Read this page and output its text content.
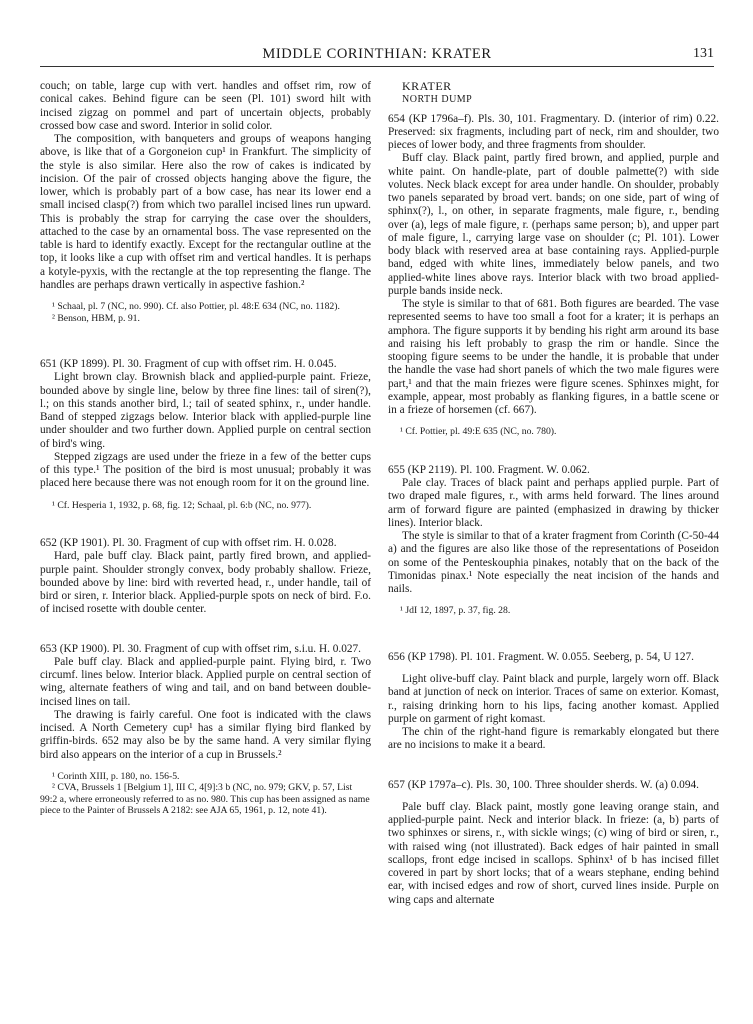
MIDDLE CORINTHIAN: KRATER	131

couch; on table, large cup with vert. handles and offset rim, row of conical cakes. Behind figure can be seen (Pl. 101) sword hilt with incised zigzag on pommel and part of uncertain objects, probably crossed bow case and sword. Interior in solid color.

The composition, with banqueters and groups of weapons hanging above, is like that of a Gorgoneion cup¹ in Frankfurt. The simplicity of the style is also similar. Here also the row of cakes is indicated by incision. Of the pair of crossed objects hanging above the figure, the lower, which is probably part of a bow case, has near its lower end a small incised clasp(?) from which two parallel incised lines run upward. This is probably the strap for carrying the case over the shoulders, attached to the case by an ornamental boss. The vase represented on the table is hard to identify exactly. Except for the rectangular outline at the top, it looks like a cup with offset rim and vertical handles. It is perhaps a kotyle-pyxis, with the rectangle at the top representing the flange. The handles are perhaps drawn vertically in aspective fashion.²

¹ Schaal, pl. 7 (NC, no. 990). Cf. also Pottier, pl. 48:E 634 (NC, no. 1182).

² Benson, HBM, p. 91.

651 (KP 1899). Pl. 30. Fragment of cup with offset rim. H. 0.045.

Light brown clay. Brownish black and applied-purple paint. Frieze, bounded above by single line, below by three fine lines: tail of siren(?), l.; on this stands another bird, l.; tail of seated sphinx, r., under handle. Band of stepped zigzags below. Interior black with applied-purple line under shoulder and two further down. Applied purple on central section of bird's wing.

Stepped zigzags are used under the frieze in a few of the better cups of this type.¹ The position of the bird is most unusual; probably it was placed here because there was not enough room for it on the ground line.

¹ Cf. Hesperia 1, 1932, p. 68, fig. 12; Schaal, pl. 6:b (NC, no. 977).

652 (KP 1901). Pl. 30. Fragment of cup with offset rim. H. 0.028.

Hard, pale buff clay. Black paint, partly fired brown, and applied-purple paint. Shoulder strongly convex, body probably shallow. Frieze, bounded above by line: bird with reverted head, r., under handle, tail of bird or siren, r. Interior black. Applied-purple spots on neck of bird. F.o. of incised rosette with double center.

653 (KP 1900). Pl. 30. Fragment of cup with offset rim, s.i.u. H. 0.027.

Pale buff clay. Black and applied-purple paint. Flying bird, r. Two circumf. lines below. Interior black. Applied purple on central section of wing, alternate feathers of wing and tail, and on band between double-incised lines on tail.

The drawing is fairly careful. One foot is indicated with the claws incised. A North Cemetery cup¹ has a similar flying bird flanked by griffin-birds. 652 may also be by the same hand. A very similar flying bird also appears on the interior of a cup in Brussels.²

¹ Corinth XIII, p. 180, no. 156-5.

² CVA, Brussels 1 [Belgium 1], III C, 4[9]:3 b (NC, no. 979; GKV, p. 57, List 99:2 a, where erroneously referred to as no. 980. This cup has been assigned as name piece to the Painter of Brussels A 2182: see AJA 65, 1961, p. 12, note 41).

KRATER

NORTH DUMP

654 (KP 1796a–f). Pls. 30, 101. Fragmentary. D. (interior of rim) 0.22. Preserved: six fragments, including part of neck, rim and shoulder, two pieces of lower body, and three fragments from shoulder.

Buff clay. Black paint, partly fired brown, and applied, purple and white paint. On handle-plate, part of double palmette(?) with side volutes. Neck black except for area under handle. On shoulder, probably two panels separated by broad vert. bands; on one side, part of wing of sphinx(?), l., on other, in separate fragments, male figure, r., bending over (a), legs of male figure, r. (perhaps same person; b), and upper part of male figure, l., carrying large vase on shoulder (c; Pl. 101). Lower body black with reserved area at base containing rays. Applied-purple band, edged with white lines, immediately below panels, and two applied-white lines above rays. Interior black with two broad applied-purple bands inside neck.

The style is similar to that of 681. Both figures are bearded. The vase represented seems to have too small a foot for a krater; it is perhaps an amphora. The figure supports it by bending his right arm around its base and raising his left probably to grasp the rim or handle. Since the stooping figure seems to be under the handle, it is probable that under the handle the vase had short panels of which the two male figures were part,¹ and that the main friezes were figure scenes. Sphinxes might, for example, appear, most probably as flanking figures, in a battle scene or in a frieze of horsemen (cf. 667).

¹ Cf. Pottier, pl. 49:E 635 (NC, no. 780).

655 (KP 2119). Pl. 100. Fragment. W. 0.062.

Pale clay. Traces of black paint and perhaps applied purple. Part of two draped male figures, r., with arms held forward. The lines around arm of forward figure are painted (emphasized in drawing by thicker lines). Interior black.

The style is similar to that of a krater fragment from Corinth (C-50-44 a) and the figures are also like those of the representations of Poseidon on some of the Penteskouphia pinakes, notably that on the back of the Timonidas pinax.¹ Note especially the neat incision of the hands and nails.

¹ JdI 12, 1897, p. 37, fig. 28.

656 (KP 1798). Pl. 101. Fragment. W. 0.055. Seeberg, p. 54, U 127.

Light olive-buff clay. Paint black and purple, largely worn off. Black band at junction of neck on interior. Traces of same on exterior. Komast, r., raising drinking horn to his lips, facing another komast. Applied purple on garment of right komast.

The chin of the right-hand figure is remarkably elongated but there are no incisions to make it a beard.

657 (KP 1797a–c). Pls. 30, 100. Three shoulder sherds. W. (a) 0.094.

Pale buff clay. Black paint, mostly gone leaving orange stain, and applied-purple paint. Neck and interior black. In frieze: (a, b) parts of two sphinxes or sirens, r., with sickle wings; (c) wing of bird or siren, r., with raised wing (not illustrated). Back edges of hair painted in small scallops, front edge incised in scallops. Sphinx¹ of b has incised fillet covered in part by short locks; that of a wears stephane, ending behind ear, with incised edges and row of short, curved lines inside. Purple on wing caps and alternate
